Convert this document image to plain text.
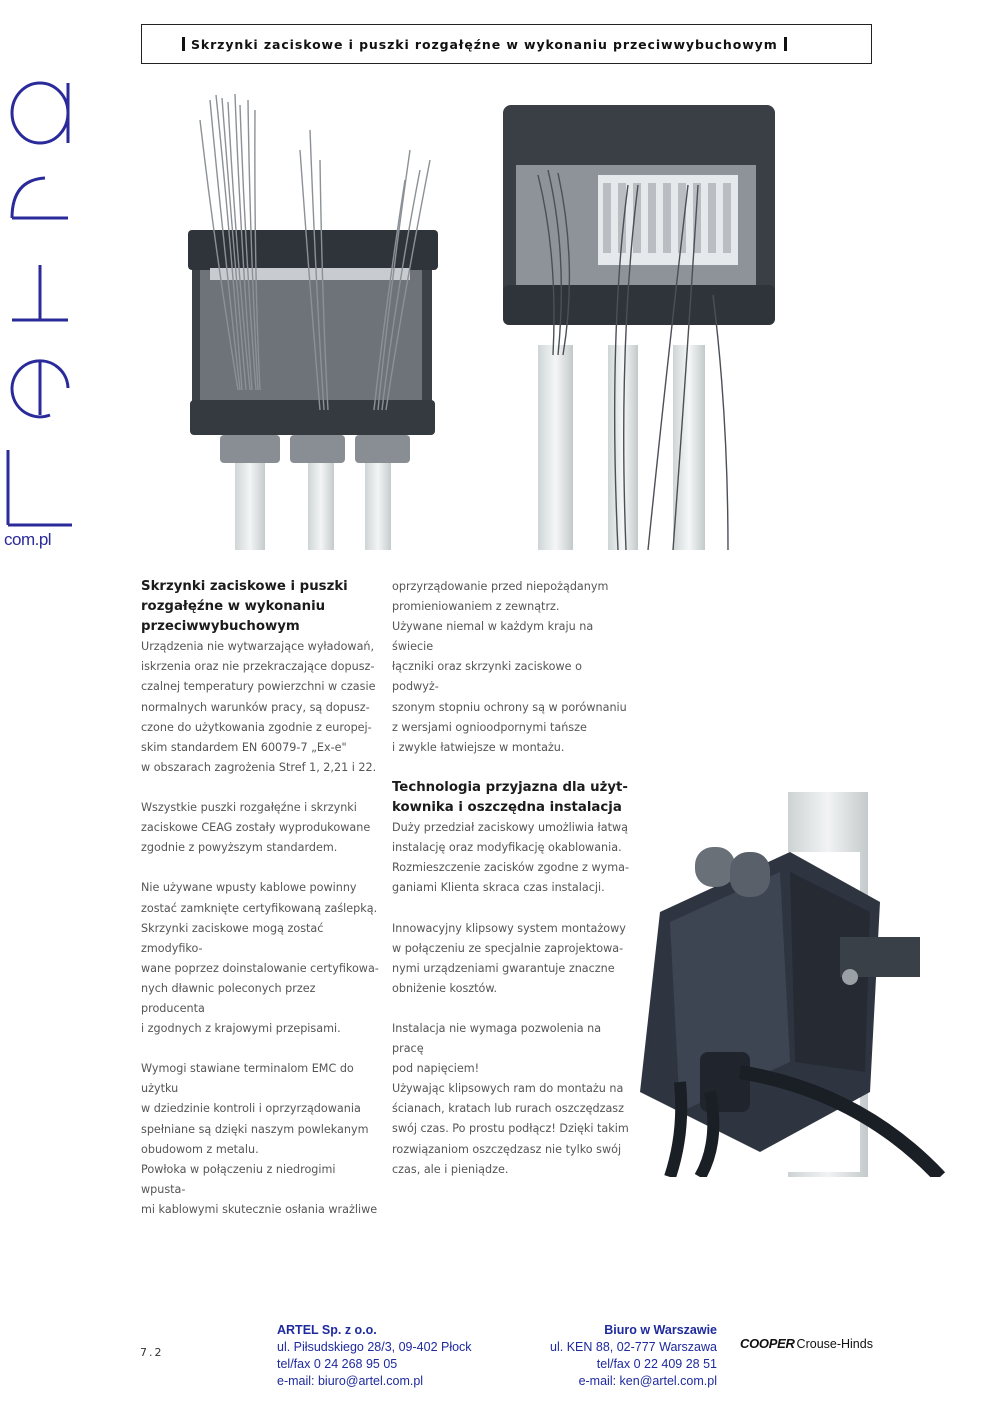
Skrzynki zaciskowe i puszki rozgałęźne w wykonaniu przeciwwybuchowym
com.pl
Skrzynki zaciskowe i puszki
rozgałęźne w wykonaniu
przeciwwybuchowym

Urządzenia nie wytwarzające wyładowań,
iskrzenia oraz nie przekraczające dopusz-
czalnej temperatury powierzchni w czasie
normalnych warunków pracy, są dopusz-
czone do użytkowania zgodnie z europej-
skim standardem EN 60079-7 „Ex-e"
w obszarach zagrożenia Stref 1, 2,21 i 22.

Wszystkie puszki rozgałęźne i skrzynki
zaciskowe CEAG zostały wyprodukowane
zgodnie z powyższym standardem.

Nie używane wpusty kablowe powinny
zostać zamknięte certyfikowaną zaślepką.
Skrzynki zaciskowe mogą zostać zmodyfiko-
wane poprzez doinstalowanie certyfikowa-
nych dławnic poleconych przez producenta
i zgodnych z krajowymi przepisami.

Wymogi stawiane terminalom EMC do użytku
w dziedzinie kontroli i oprzyrządowania
spełniane są dzięki naszym powlekanym
obudowom z metalu.
Powłoka w połączeniu z niedrogimi wpusta-
mi kablowymi skutecznie osłania wrażliwe

oprzyrządowanie przed niepożądanym
promieniowaniem z zewnątrz.
Używane niemal w każdym kraju na świecie
łączniki oraz skrzynki zaciskowe o podwyż-
szonym stopniu ochrony są w porównaniu
z wersjami ognioodpornymi tańsze
i zwykle łatwiejsze w montażu.

Technologia przyjazna dla użyt-
kownika i oszczędna instalacja

Duży przedział zaciskowy umożliwia łatwą
instalację oraz modyfikację okablowania.
Rozmieszczenie zacisków zgodne z wyma-
ganiami Klienta skraca czas instalacji.

Innowacyjny klipsowy system montażowy
w połączeniu ze specjalnie zaprojektowa-
nymi urządzeniami gwarantuje znaczne
obniżenie kosztów.

Instalacja nie wymaga pozwolenia na pracę
pod napięciem!
Używając klipsowych ram do montażu na
ścianach, kratach lub rurach oszczędzasz
swój czas. Po prostu podłącz! Dzięki takim
rozwiązaniom oszczędzasz nie tylko swój
czas, ale i pieniądze.

7.2
ARTEL Sp. z o.o.
ul. Piłsudskiego 28/3, 09-402 Płock
tel/fax 0 24 268 95 05
e-mail: biuro@artel.com.pl
Biuro w Warszawie
ul. KEN 88, 02-777 Warszawa
tel/fax 0 22 409 28 51
e-mail: ken@artel.com.pl
COOPER Crouse-Hinds
